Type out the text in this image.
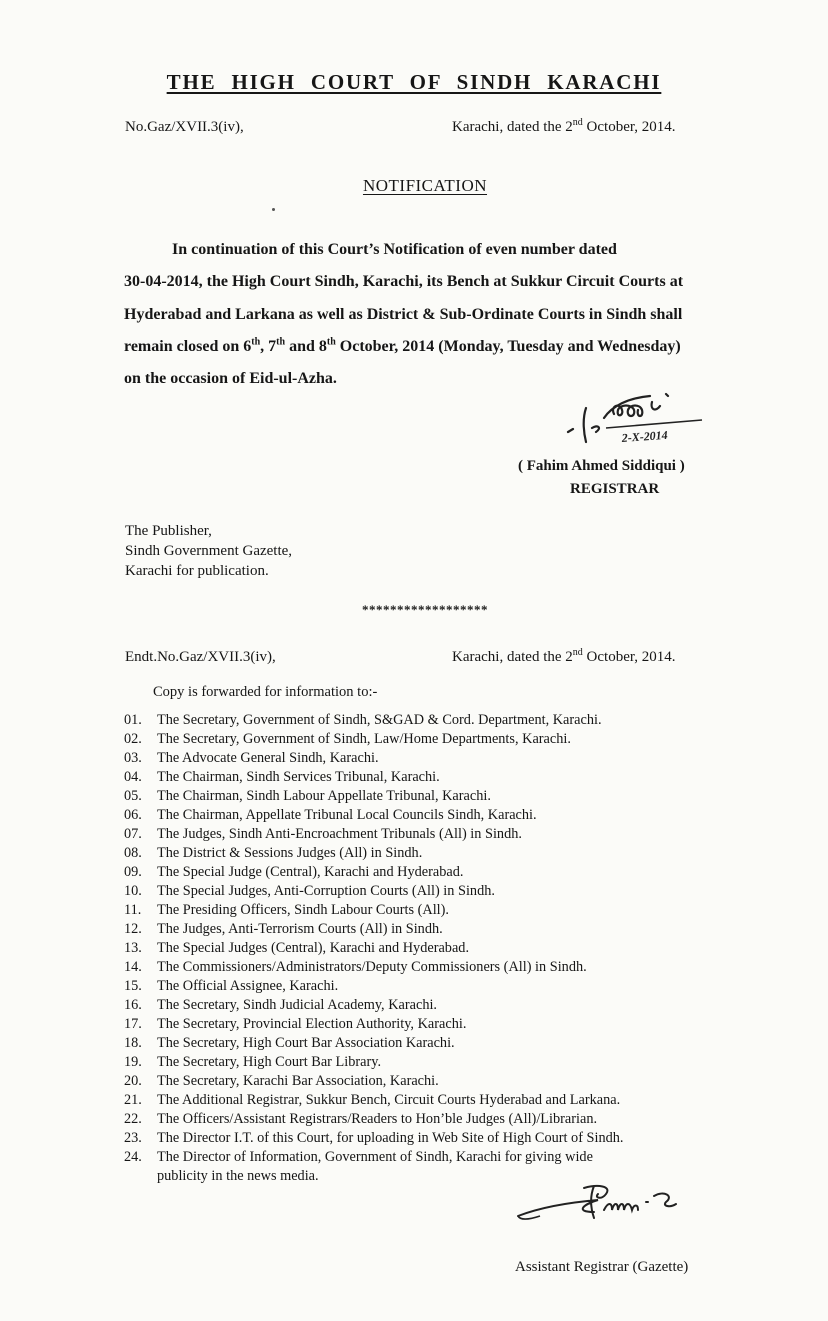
THE HIGH COURT OF SINDH KARACHI
No.Gaz/XVII.3(iv),	Karachi, dated the 2nd October, 2014.
NOTIFICATION
In continuation of this Court’s Notification of even number dated
30-04-2014, the High Court Sindh, Karachi, its Bench at Sukkur Circuit Courts at
Hyderabad and Larkana as well as District & Sub-Ordinate Courts in Sindh shall
remain closed on 6th, 7th and 8th October, 2014 (Monday, Tuesday and Wednesday)
on the occasion of Eid-ul-Azha.
2-X-2014
( Fahim Ahmed Siddiqui )
REGISTRAR
The Publisher,
Sindh Government Gazette,
Karachi for publication.
******************
Endt.No.Gaz/XVII.3(iv),	Karachi, dated the 2nd October, 2014.
Copy is forwarded for information to:-
01. The Secretary, Government of Sindh, S&GAD & Cord. Department, Karachi.
02. The Secretary, Government of Sindh, Law/Home Departments, Karachi.
03. The Advocate General Sindh, Karachi.
04. The Chairman, Sindh Services Tribunal, Karachi.
05. The Chairman, Sindh Labour Appellate Tribunal, Karachi.
06. The Chairman, Appellate Tribunal Local Councils Sindh, Karachi.
07. The Judges, Sindh Anti-Encroachment Tribunals (All) in Sindh.
08. The District & Sessions Judges (All) in Sindh.
09. The Special Judge (Central), Karachi and Hyderabad.
10. The Special Judges, Anti-Corruption Courts (All) in Sindh.
11. The Presiding Officers, Sindh Labour Courts (All).
12. The Judges, Anti-Terrorism Courts (All) in Sindh.
13. The Special Judges (Central), Karachi and Hyderabad.
14. The Commissioners/Administrators/Deputy Commissioners (All) in Sindh.
15. The Official Assignee, Karachi.
16. The Secretary, Sindh Judicial Academy, Karachi.
17. The Secretary, Provincial Election Authority, Karachi.
18. The Secretary, High Court Bar Association Karachi.
19. The Secretary, High Court Bar Library.
20. The Secretary, Karachi Bar Association, Karachi.
21. The Additional Registrar, Sukkur Bench, Circuit Courts Hyderabad and Larkana.
22. The Officers/Assistant Registrars/Readers to Hon’ble Judges (All)/Librarian.
23. The Director I.T. of this Court, for uploading in Web Site of High Court of Sindh.
24. The Director of Information, Government of Sindh, Karachi for giving wide
publicity in the news media.
Assistant Registrar (Gazette)
